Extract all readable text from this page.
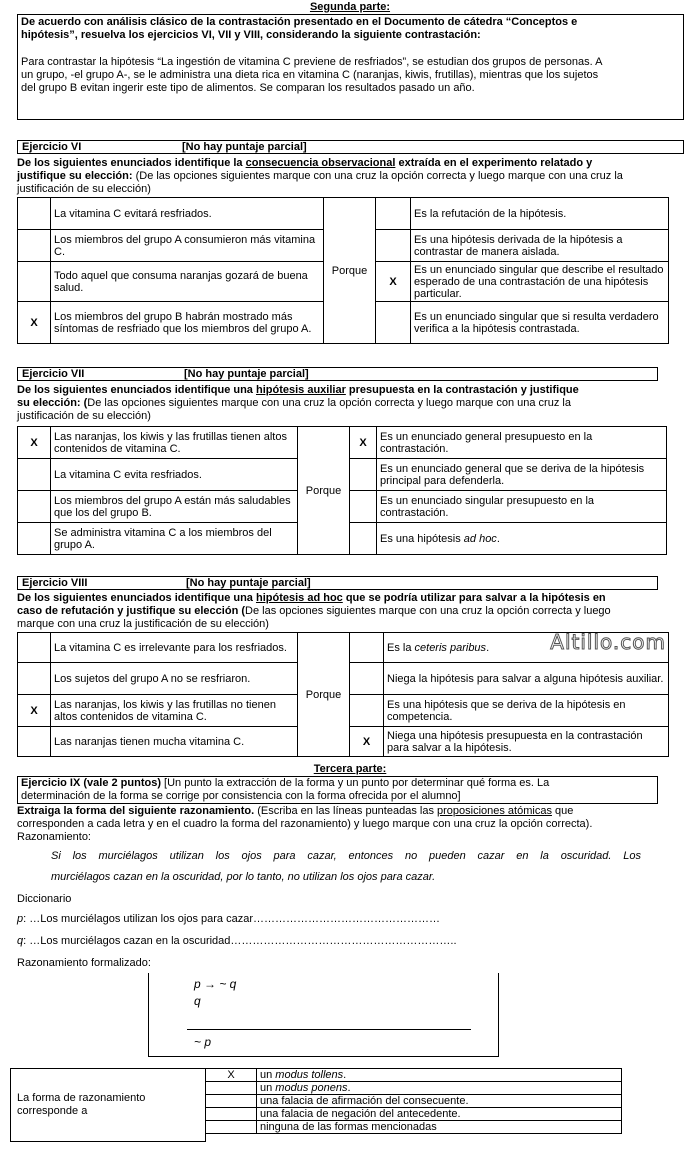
Segunda parte:
De acuerdo con análisis clásico de la contrastación presentado en el Documento de cátedra “Conceptos e
hipótesis”, resuelva los ejercicios VI, VII y VIII, considerando la siguiente contrastación:
Para contrastar la hipótesis “La ingestión de vitamina C previene de resfriados”, se estudian dos grupos de personas. A
un grupo, -el grupo A-, se le administra una dieta rica en vitamina C (naranjas, kiwis, frutillas), mientras que los sujetos
del grupo B evitan ingerir este tipo de alimentos. Se comparan los resultados pasado un año.
Ejercicio VI	[No hay puntaje parcial]
De los siguientes enunciados identifique la consecuencia observacional extraída en el experimento relatado y
justifique su elección: (De las opciones siguientes marque con una cruz la opción correcta y luego marque con una cruz la
justificación de su elección)
	La vitamina C evitará resfriados.	Porque		Es la refutación de la hipótesis.
	Los miembros del grupo A consumieron más vitamina C.			Es una hipótesis derivada de la hipótesis a contrastar de manera aislada.
	Todo aquel que consuma naranjas gozará de buena salud.		X	Es un enunciado singular que describe el resultado esperado de una contrastación de una hipótesis particular.
X	Los miembros del grupo B habrán mostrado más síntomas de resfriado que los miembros del grupo A.			Es un enunciado singular que si resulta verdadero verifica a la hipótesis contrastada.
Ejercicio VII	[No hay puntaje parcial]
De los siguientes enunciados identifique una hipótesis auxiliar presupuesta en la contrastación y justifique
su elección: (De las opciones siguientes marque con una cruz la opción correcta y luego marque con una cruz la
justificación de su elección)
X	Las naranjas, los kiwis y las frutillas tienen altos contenidos de vitamina C.	Porque	X	Es un enunciado general presupuesto en la contrastación.
	La vitamina C evita resfriados.			Es un enunciado general que se deriva de la hipótesis principal para defenderla.
	Los miembros del grupo A están más saludables que los del grupo B.			Es un enunciado singular presupuesto en la contrastación.
	Se administra vitamina C a los miembros del grupo A.			Es una hipótesis ad hoc.
Ejercicio VIII	[No hay puntaje parcial]
De los siguientes enunciados identifique una hipótesis ad hoc que se podría utilizar para salvar a la hipótesis en
caso de refutación y justifique su elección (De las opciones siguientes marque con una cruz la opción correcta y luego
marque con una cruz la justificación de su elección)
	La vitamina C es irrelevante para los resfriados.	Porque		Es la ceteris paribus. Altillo.com

	Los sujetos del grupo A no se resfriaron.			Niega la hipótesis para salvar a alguna hipótesis auxiliar.
X	Las naranjas, los kiwis y las frutillas no tienen altos contenidos de vitamina C.			Es una hipótesis que se deriva de la hipótesis en competencia.
	Las naranjas tienen mucha vitamina C.		X	Niega una hipótesis presupuesta en la contrastación para salvar a la hipótesis.
Tercera parte:
Ejercicio IX (vale 2 puntos) [Un punto la extracción de la forma y un punto por determinar qué forma es. La
determinación de la forma se corrige por consistencia con la forma ofrecida por el alumno]
Extraiga la forma del siguiente razonamiento. (Escriba en las líneas punteadas las proposiciones atómicas que
corresponden a cada letra y en el cuadro la forma del razonamiento) y luego marque con una cruz la opción correcta).
Razonamiento:
Si los murciélagos utilizan los ojos para cazar, entonces no pueden cazar en la oscuridad. Los
murciélagos cazan en la oscuridad, por lo tanto, no utilizan los ojos para cazar.
Diccionario
p: …Los murciélagos utilizan los ojos para cazar……………………………………………
q: …Los murciélagos cazan en la oscuridad……………………………………………………..
Razonamiento formalizado:
p → ~ q
q
~ p
La forma de razonamiento corresponde a
X	un modus tollens.
	un modus ponens.
	una falacia de afirmación del consecuente.
	una falacia de negación del antecedente.
	ninguna de las formas mencionadas
